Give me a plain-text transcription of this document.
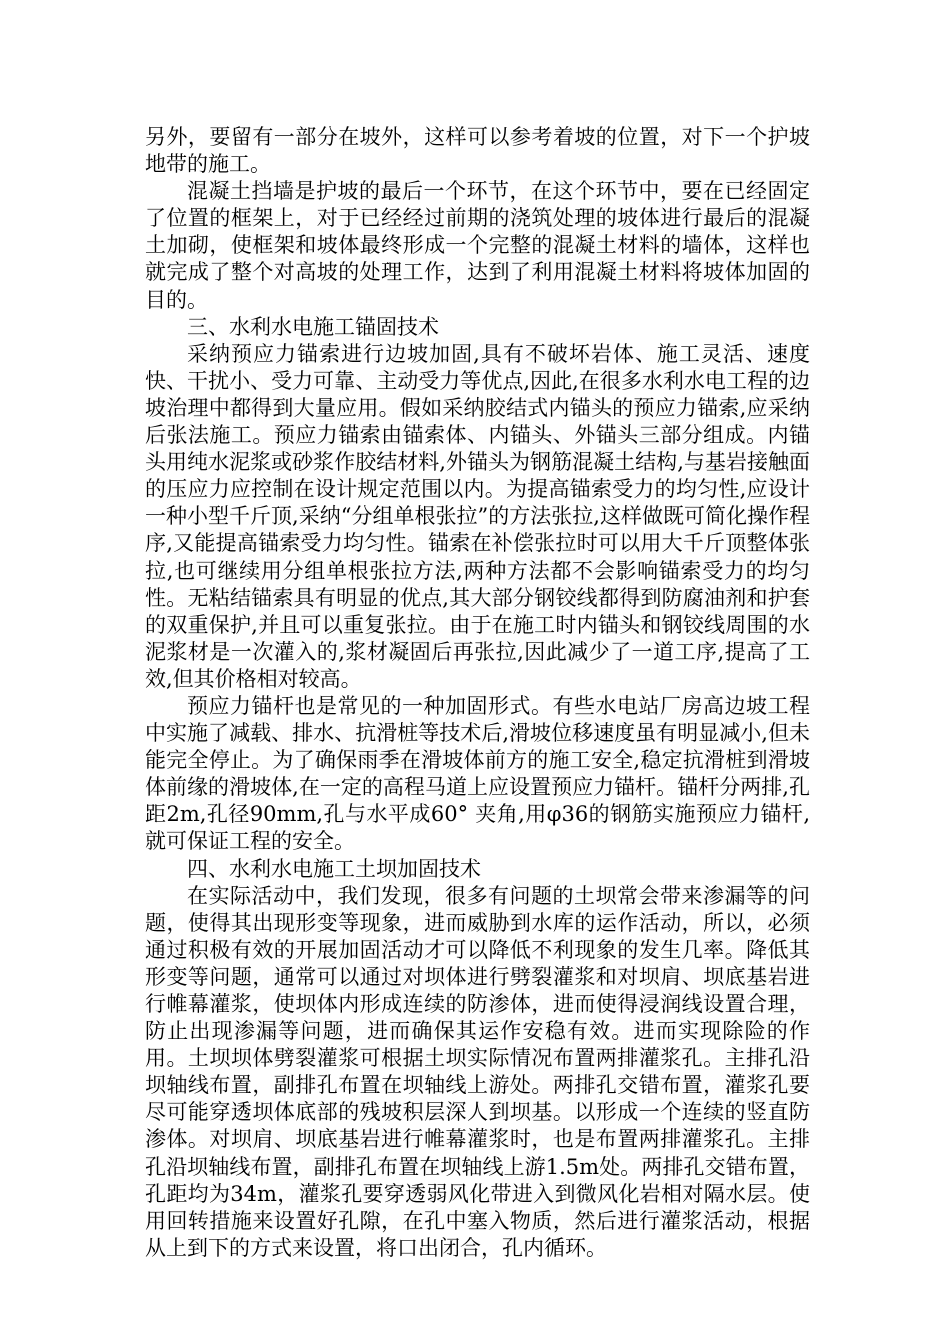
另外，要留有一部分在坡外，这样可以参考着坡的位置，对下一个护坡地带的施工。

混凝土挡墙是护坡的最后一个环节，在这个环节中，要在已经固定了位置的框架上，对于已经经过前期的浇筑处理的坡体进行最后的混凝土加砌，使框架和坡体最终形成一个完整的混凝土材料的墙体，这样也就完成了整个对高坡的处理工作，达到了利用混凝土材料将坡体加固的目的。

三、水利水电施工锚固技术

采纳预应力锚索进行边坡加固,具有不破坏岩体、施工灵活、速度快、干扰小、受力可靠、主动受力等优点,因此,在很多水利水电工程的边坡治理中都得到大量应用。假如采纳胶结式内锚头的预应力锚索,应采纳后张法施工。预应力锚索由锚索体、内锚头、外锚头三部分组成。内锚头用纯水泥浆或砂浆作胶结材料,外锚头为钢筋混凝土结构,与基岩接触面的压应力应控制在设计规定范围以内。为提高锚索受力的均匀性,应设计一种小型千斤顶,采纳“分组单根张拉”的方法张拉,这样做既可简化操作程序,又能提高锚索受力均匀性。锚索在补偿张拉时可以用大千斤顶整体张拉,也可继续用分组单根张拉方法,两种方法都不会影响锚索受力的均匀性。无粘结锚索具有明显的优点,其大部分钢铰线都得到防腐油剂和护套的双重保护,并且可以重复张拉。由于在施工时内锚头和钢铰线周围的水泥浆材是一次灌入的,浆材凝固后再张拉,因此减少了一道工序,提高了工效,但其价格相对较高。

预应力锚杆也是常见的一种加固形式。有些水电站厂房高边坡工程中实施了减载、排水、抗滑桩等技术后,滑坡位移速度虽有明显减小,但未能完全停止。为了确保雨季在滑坡体前方的施工安全,稳定抗滑桩到滑坡体前缘的滑坡体,在一定的高程马道上应设置预应力锚杆。锚杆分两排,孔距2m,孔径90mm,孔与水平成60° 夹角,用φ36的钢筋实施预应力锚杆,就可保证工程的安全。

四、水利水电施工土坝加固技术

在实际活动中，我们发现，很多有问题的土坝常会带来渗漏等的问题，使得其出现形变等现象，进而威胁到水库的运作活动，所以，必须通过积极有效的开展加固活动才可以降低不利现象的发生几率。降低其形变等问题，通常可以通过对坝体进行劈裂灌浆和对坝肩、坝底基岩进行帷幕灌浆，使坝体内形成连续的防渗体，进而使得浸润线设置合理，防止出现渗漏等问题，进而确保其运作安稳有效。进而实现除险的作用。土坝坝体劈裂灌浆可根据土坝实际情况布置两排灌浆孔。主排孔沿坝轴线布置，副排孔布置在坝轴线上游处。两排孔交错布置，灌浆孔要尽可能穿透坝体底部的残坡积层深人到坝基。以形成一个连续的竖直防渗体。对坝肩、坝底基岩进行帷幕灌浆时，也是布置两排灌浆孔。主排孔沿坝轴线布置，副排孔布置在坝轴线上游1.5m处。两排孔交错布置，孔距均为34m，灌浆孔要穿透弱风化带进入到微风化岩相对隔水层。使用回转措施来设置好孔隙，在孔中塞入物质，然后进行灌浆活动，根据从上到下的方式来设置，将口出闭合，孔内循环。
